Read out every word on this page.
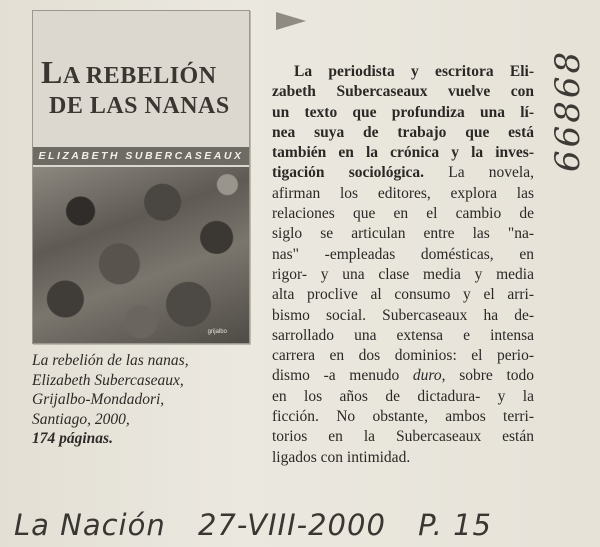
LA REBELIÓN
DE LAS NANAS
ELIZABETH SUBERCASEAUX
grijalbo
La rebelión de las nanas,
Elizabeth Subercaseaux,
Grijalbo-Mondadori,
Santiago, 2000,
174 páginas.
La periodista y escritora Eli-
zabeth Subercaseaux vuelve con
un texto que profundiza una lí-
nea suya de trabajo que está
también en la crónica y la inves-
tigación sociológica. La novela,
afirman los editores, explora las
relaciones que en el cambio de
siglo se articulan entre las "na-
nas" -empleadas domésticas, en
rigor- y una clase media y media
alta proclive al consumo y el arri-
bismo social. Subercaseaux ha de-
sarrollado una extensa e intensa
carrera en dos dominios: el perio-
dismo -a menudo duro, sobre todo
en los años de dictadura- y la
ficción. No obstante, ambos terri-
torios en la Subercaseaux están
ligados con intimidad.
66868
La Nación 27-VIII-2000 P. 15
